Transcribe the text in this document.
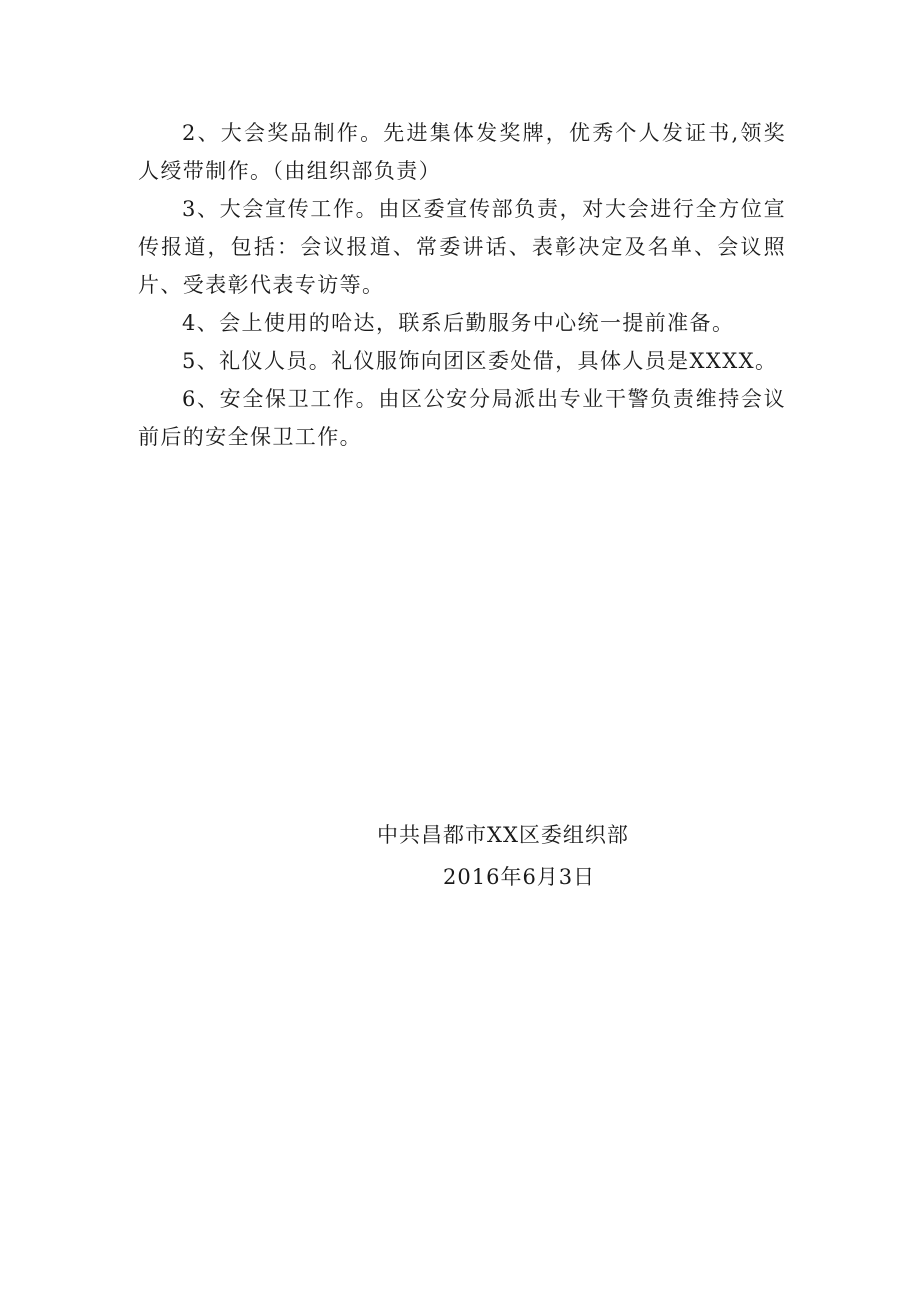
2、大会奖品制作。先进集体发奖牌，优秀个人发证书,领奖人绶带制作。（由组织部负责）

3、大会宣传工作。由区委宣传部负责，对大会进行全方位宣传报道，包括：会议报道、常委讲话、表彰决定及名单、会议照片、受表彰代表专访等。

4、会上使用的哈达，联系后勤服务中心统一提前准备。

5、礼仪人员。礼仪服饰向团区委处借，具体人员是XXXX。

6、安全保卫工作。由区公安分局派出专业干警负责维持会议前后的安全保卫工作。

中共昌都市XX区委组织部
2016年6月3日
